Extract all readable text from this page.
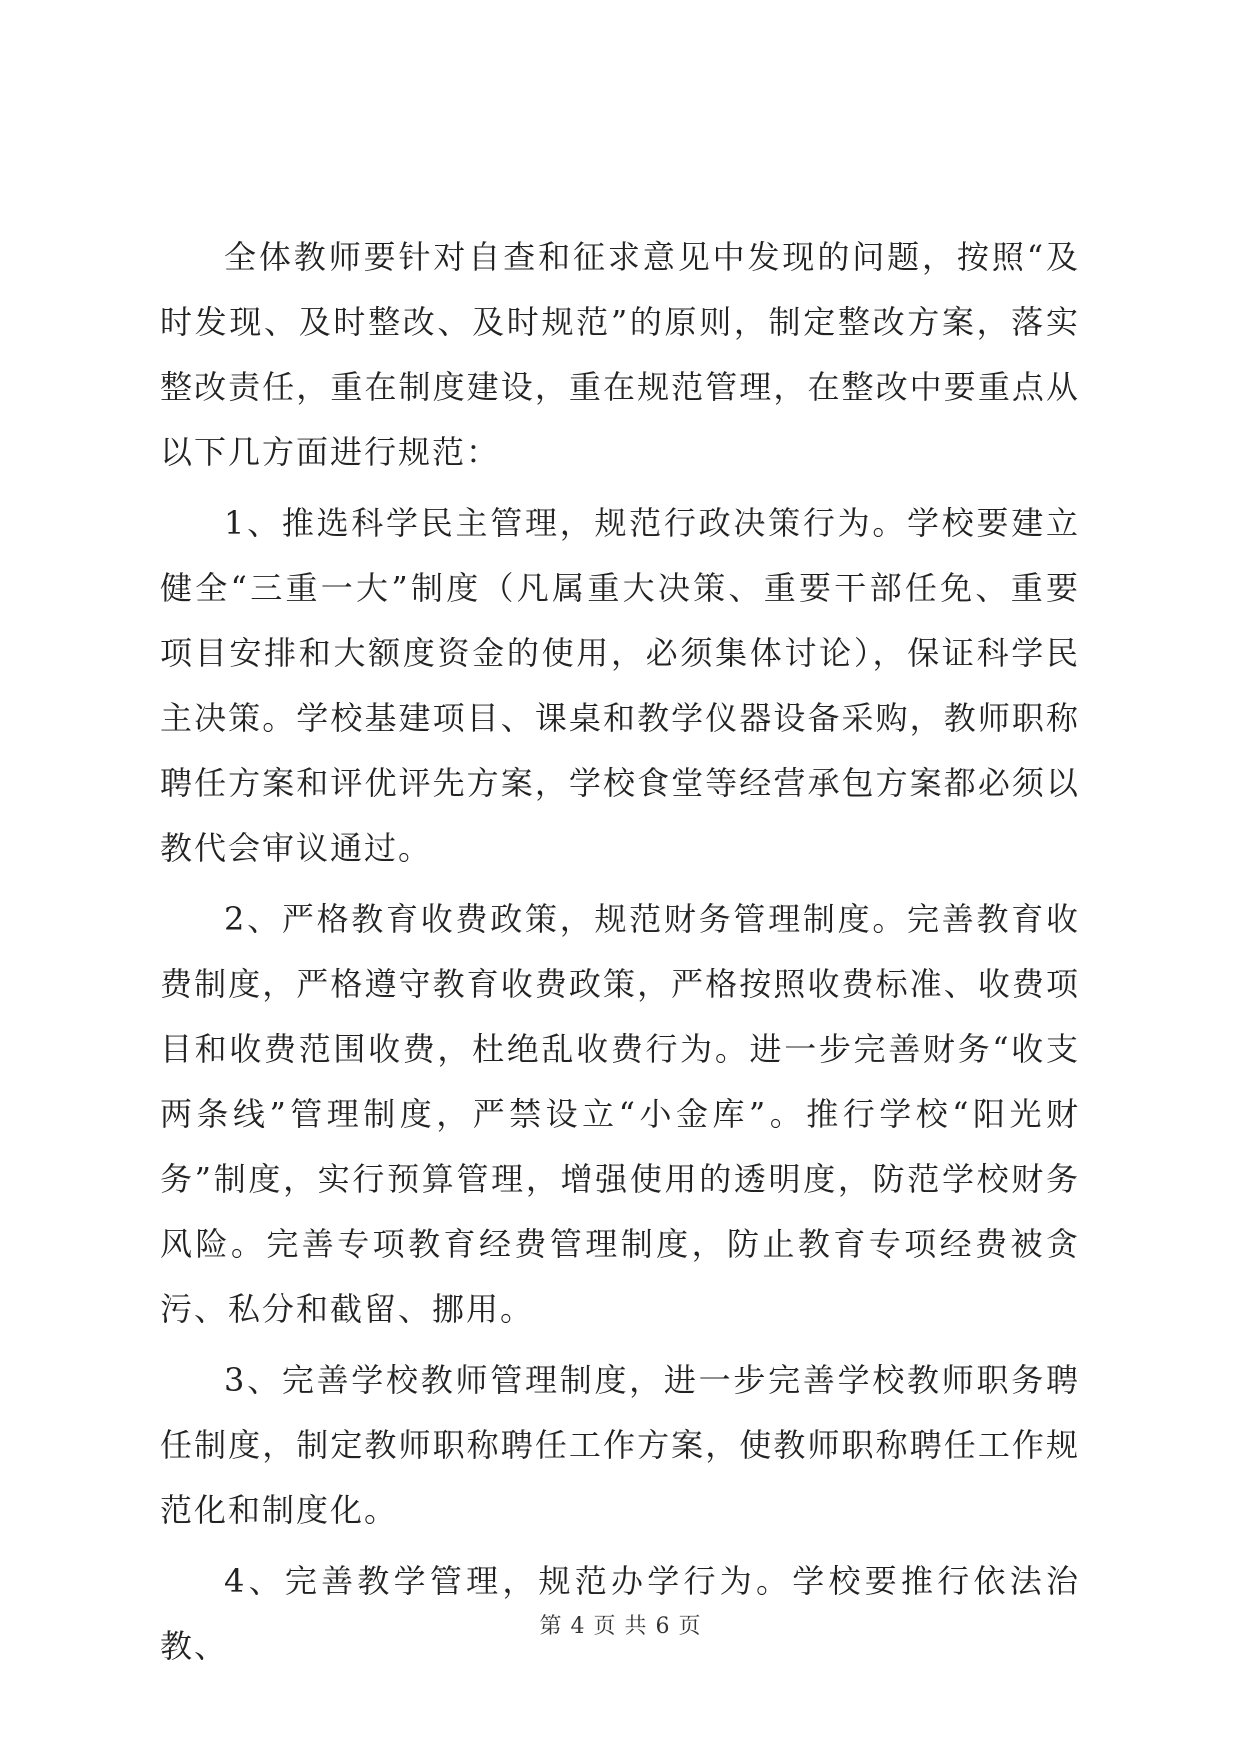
全体教师要针对自查和征求意见中发现的问题，按照“及时发现、及时整改、及时规范”的原则，制定整改方案，落实整改责任，重在制度建设，重在规范管理，在整改中要重点从以下几方面进行规范：

1、推选科学民主管理，规范行政决策行为。学校要建立健全“三重一大”制度（凡属重大决策、重要干部任免、重要项目安排和大额度资金的使用，必须集体讨论），保证科学民主决策。学校基建项目、课桌和教学仪器设备采购，教师职称聘任方案和评优评先方案，学校食堂等经营承包方案都必须以教代会审议通过。

2、严格教育收费政策，规范财务管理制度。完善教育收费制度，严格遵守教育收费政策，严格按照收费标准、收费项目和收费范围收费，杜绝乱收费行为。进一步完善财务“收支两条线”管理制度，严禁设立“小金库”。推行学校“阳光财务”制度，实行预算管理，增强使用的透明度，防范学校财务风险。完善专项教育经费管理制度，防止教育专项经费被贪污、私分和截留、挪用。

3、完善学校教师管理制度，进一步完善学校教师职务聘任制度，制定教师职称聘任工作方案，使教师职称聘任工作规范化和制度化。

4、完善教学管理，规范办学行为。学校要推行依法治教、

第 4 页 共 6 页
